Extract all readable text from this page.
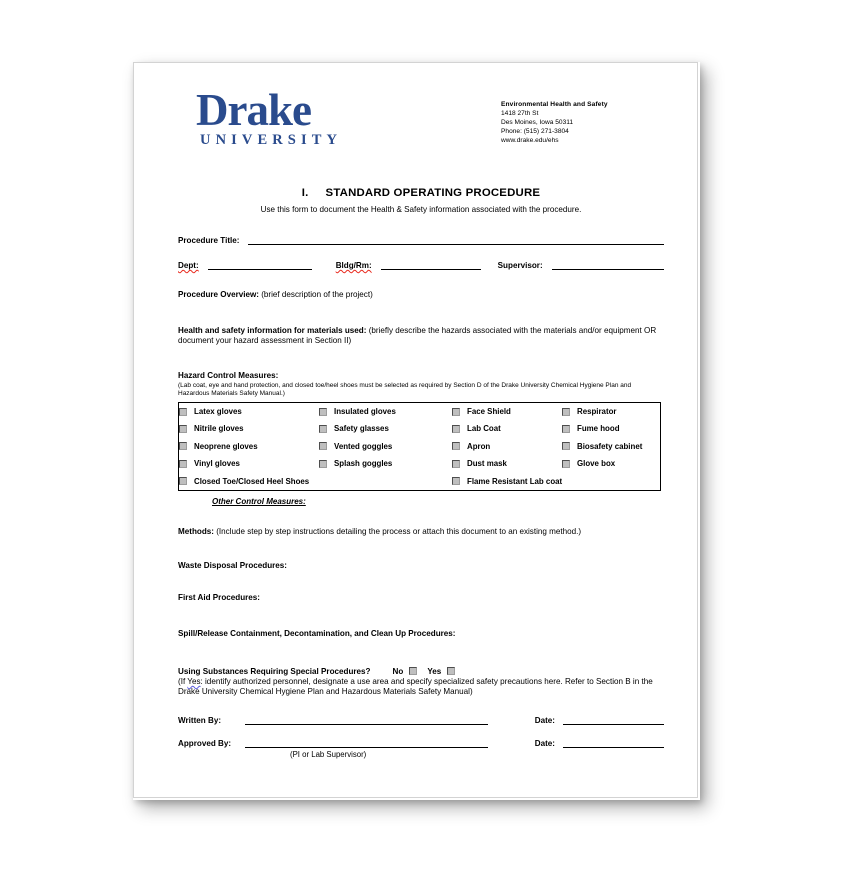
Drake
UNIVERSITY
Environmental Health and Safety
1418 27th St
Des Moines, Iowa 50311
Phone: (515) 271-3804
www.drake.edu/ehs
I. STANDARD OPERATING PROCEDURE
Use this form to document the Health & Safety information associated with the procedure.
Procedure Title:
Dept:	Bldg/Rm:	Supervisor:
Procedure Overview: (brief description of the project)
Health and safety information for materials used: (briefly describe the hazards associated with the materials and/or equipment OR document your hazard assessment in Section II)
Hazard Control Measures:
(Lab coat, eye and hand protection, and closed toe/heel shoes must be selected as required by Section D of the Drake University Chemical Hygiene Plan and Hazardous Materials Safety Manual.)
Latex gloves	Insulated gloves	Face Shield	Respirator

Nitrile gloves	Safety glasses	Lab Coat	Fume hood

Neoprene gloves	Vented goggles	Apron	Biosafety cabinet

Vinyl gloves	Splash goggles	Dust mask	Glove box

Closed Toe/Closed Heel Shoes		Flame Resistant Lab coat	
Other Control Measures:
Methods: (Include step by step instructions detailing the process or attach this document to an existing method.)
Waste Disposal Procedures:
First Aid Procedures:
Spill/Release Containment, Decontamination, and Clean Up Procedures:
Using Substances Requiring Special Procedures?	No	Yes
(If Yes: identify authorized personnel, designate a use area and specify specialized safety precautions here. Refer to Section B in the Drake University Chemical Hygiene Plan and Hazardous Materials Safety Manual)
Written By:	Date:
Approved By:	Date:
(PI or Lab Supervisor)
